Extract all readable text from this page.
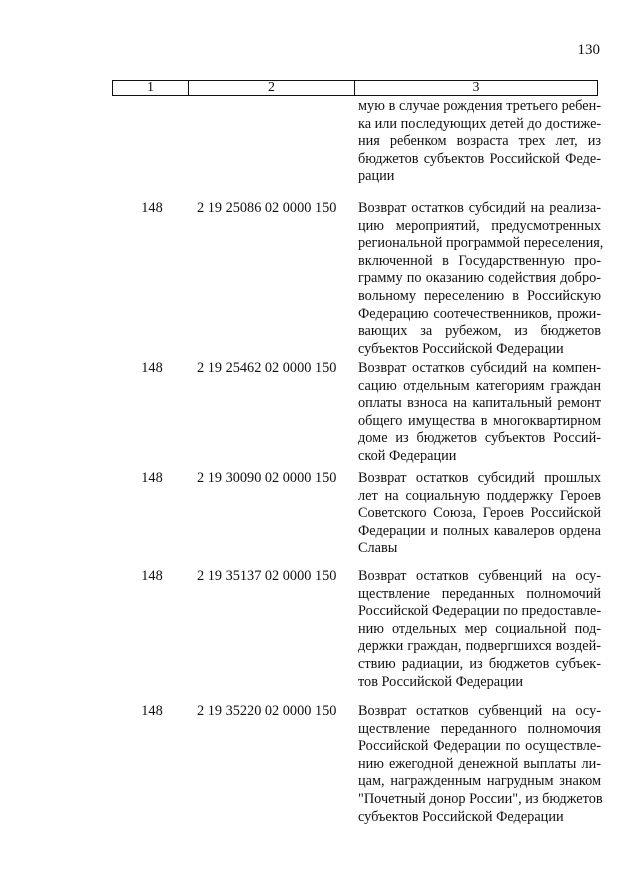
130
1	2	3
мую в случае рождения третьего ребен-
ка или последующих детей до достиже-
ния ребенком возраста трех лет, из
бюджетов субъектов Российской Феде-
рации
148	2 19 25086 02 0000 150	Возврат остатков субсидий на реализа-
цию мероприятий, предусмотренных
региональной программой переселения,
включенной в Государственную про-
грамму по оказанию содействия добро-
вольному переселению в Российскую
Федерацию соотечественников, прожи-
вающих за рубежом, из бюджетов
субъектов Российской Федерации
148	2 19 25462 02 0000 150	Возврат остатков субсидий на компен-
сацию отдельным категориям граждан
оплаты взноса на капитальный ремонт
общего имущества в многоквартирном
доме из бюджетов субъектов Россий-
ской Федерации
148	2 19 30090 02 0000 150	Возврат остатков субсидий прошлых
лет на социальную поддержку Героев
Советского Союза, Героев Российской
Федерации и полных кавалеров ордена
Славы
148	2 19 35137 02 0000 150	Возврат остатков субвенций на осу-
ществление переданных полномочий
Российской Федерации по предоставле-
нию отдельных мер социальной под-
держки граждан, подвергшихся воздей-
ствию радиации, из бюджетов субъек-
тов Российской Федерации
148	2 19 35220 02 0000 150	Возврат остатков субвенций на осу-
ществление переданного полномочия
Российской Федерации по осуществле-
нию ежегодной денежной выплаты ли-
цам, награжденным нагрудным знаком
"Почетный донор России", из бюджетов
субъектов Российской Федерации
